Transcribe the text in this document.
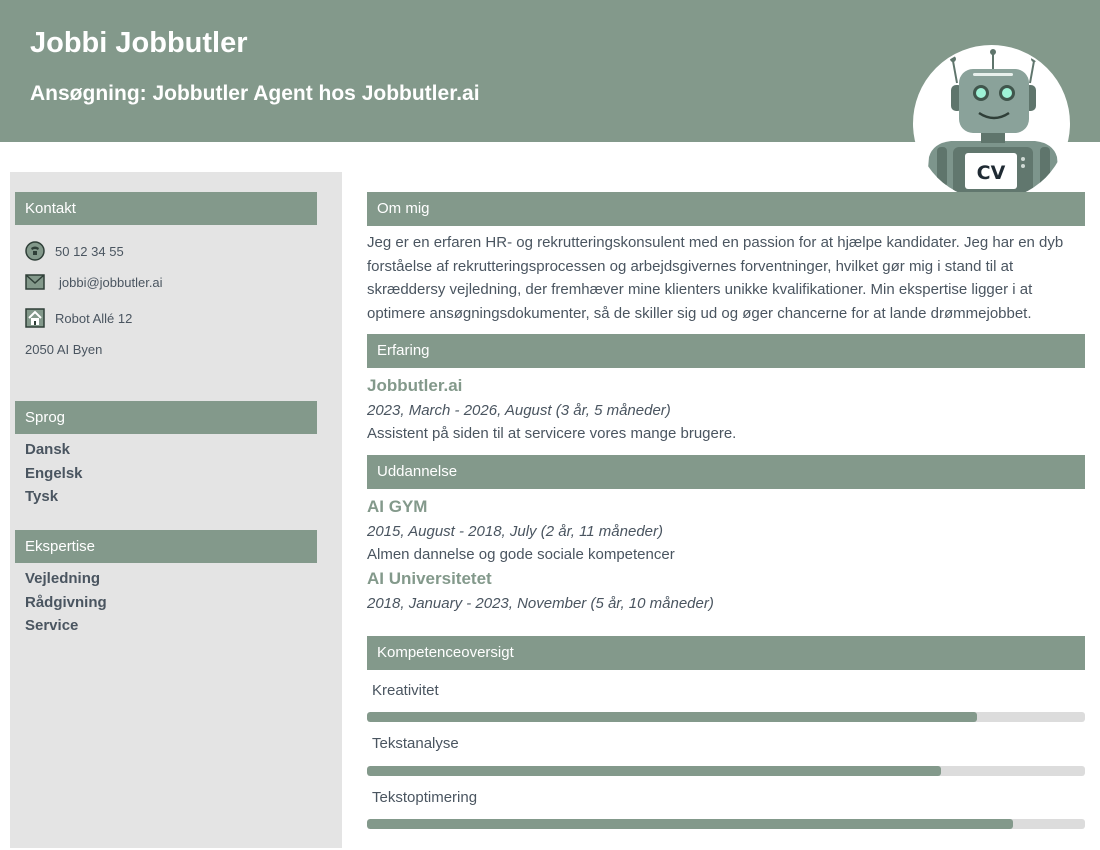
Jobbi Jobbutler
Ansøgning: Jobbutler Agent hos Jobbutler.ai
CV
Kontakt
50 12 34 55
jobbi@jobbutler.ai
Robot Allé 12
2050 AI Byen
Sprog
Dansk
Engelsk
Tysk
Ekspertise
Vejledning
Rådgivning
Service
Om mig
Jeg er en erfaren HR- og rekrutteringskonsulent med en passion for at hjælpe kandidater. Jeg har en dyb forståelse af rekrutteringsprocessen og arbejdsgivernes forventninger, hvilket gør mig i stand til at skræddersy vejledning, der fremhæver mine klienters unikke kvalifikationer. Min ekspertise ligger i at optimere ansøgningsdokumenter, så de skiller sig ud og øger chancerne for at lande drømmejobbet.
Erfaring
Jobbutler.ai
2023, March - 2026, August (3 år, 5 måneder)
Assistent på siden til at servicere vores mange brugere.
Uddannelse
AI GYM
2015, August - 2018, July (2 år, 11 måneder)
Almen dannelse og gode sociale kompetencer
AI Universitetet
2018, January - 2023, November (5 år, 10 måneder)
Kompetenceoversigt
Kreativitet
Tekstanalyse
Tekstoptimering
